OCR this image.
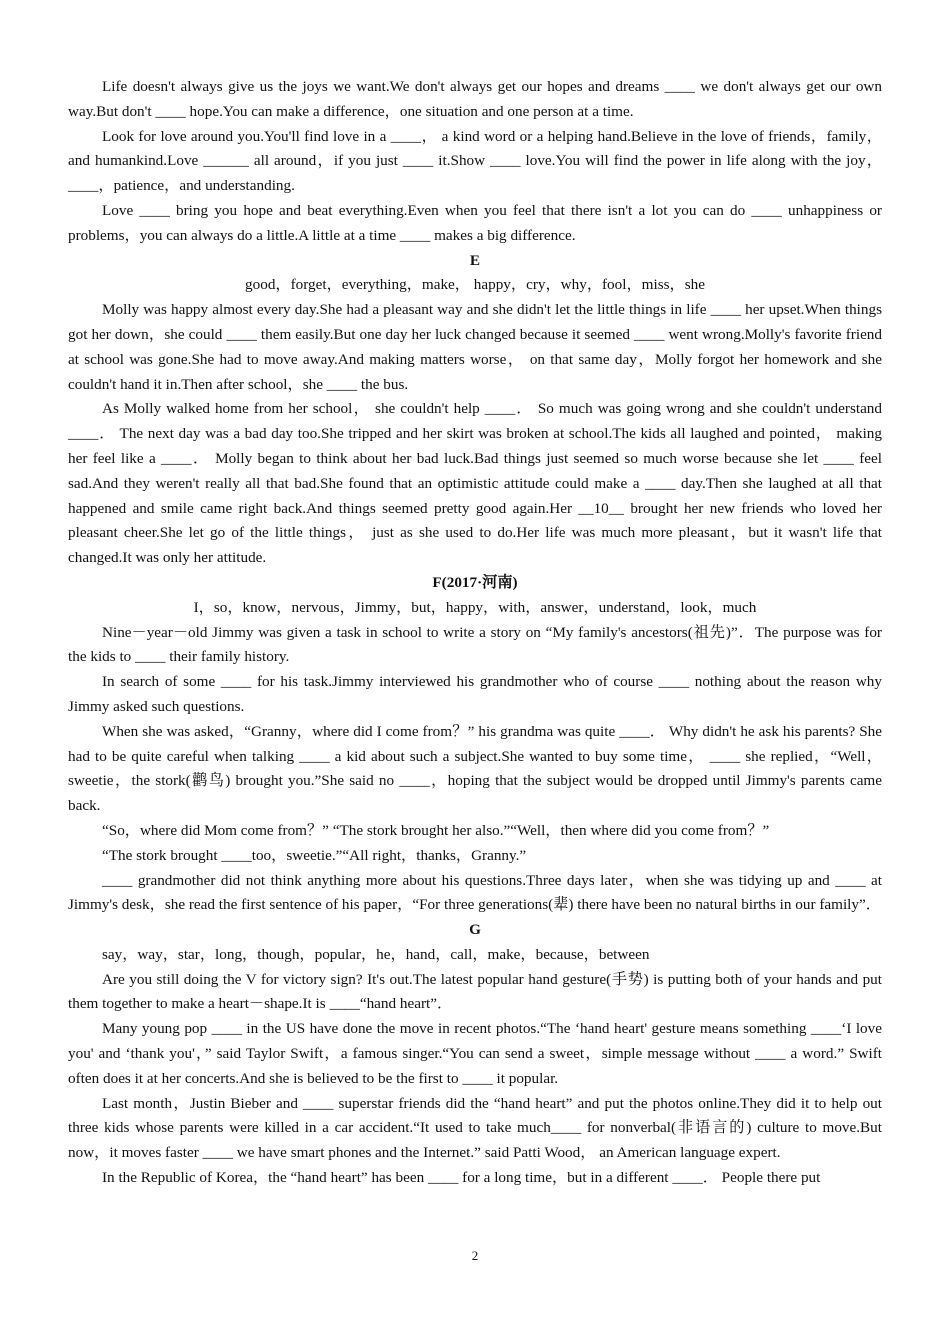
Life doesn't always give us the joys we want.We don't always get our hopes and dreams ____ we don't always get our own way.But don't ____ hope.You can make a difference，one situation and one person at a time.

Look for love around you.You'll find love in a ____， a kind word or a helping hand.Believe in the love of friends，family，and humankind.Love ______ all around，if you just ____ it.Show ____ love.You will find the power in life along with the joy，____，patience，and understanding.

Love ____ bring you hope and beat everything.Even when you feel that there isn't a lot you can do ____ unhappiness or problems，you can always do a little.A little at a time ____ makes a big difference.

E

good，forget，everything，make， happy，cry，why，fool，miss，she

Molly was happy almost every day.She had a pleasant way and she didn't let the little things in life ____ her upset.When things got her down，she could ____ them easily.But one day her luck changed because it seemed ____ went wrong.Molly's favorite friend at school was gone.She had to move away.And making matters worse， on that same day，Molly forgot her homework and she couldn't hand it in.Then after school，she ____ the bus.

As Molly walked home from her school， she couldn't help ____． So much was going wrong and she couldn't understand ____． The next day was a bad day too.She tripped and her skirt was broken at school.The kids all laughed and pointed， making her feel like a ____． Molly began to think about her bad luck.Bad things just seemed so much worse because she let ____ feel sad.And they weren't really all that bad.She found that an optimistic attitude could make a ____ day.Then she laughed at all that happened and smile came right back.And things seemed pretty good again.Her __10__ brought her new friends who loved her pleasant cheer.She let go of the little things， just as she used to do.Her life was much more pleasant，but it wasn't life that changed.It was only her attitude.

F(2017·河南)

I，so，know，nervous，Jimmy，but，happy，with，answer，understand，look，much

Nine－year－old Jimmy was given a task in school to write a story on “My family's ancestors(祖先)”．The purpose was for the kids to ____ their family history.

In search of some ____ for his task.Jimmy interviewed his grandmother who of course ____ nothing about the reason why Jimmy asked such questions.

When she was asked，“Granny，where did I come from？” his grandma was quite ____． Why didn't he ask his parents? She had to be quite careful when talking ____ a kid about such a subject.She wanted to buy some time， ____ she replied，“Well，sweetie，the stork(鹳鸟) brought you.”She said no ____，hoping that the subject would be dropped until Jimmy's parents came back.

“So，where did Mom come from？” “The stork brought her also.”“Well，then where did you come from？”

“The stork brought ____too，sweetie.”“All right，thanks，Granny.”

____ grandmother did not think anything more about his questions.Three days later，when she was tidying up and ____ at Jimmy's desk，she read the first sentence of his paper，“For three generations(辈) there have been no natural births in our family”．

G

say，way，star，long，though，popular，he，hand，call，make，because，between

Are you still doing the V for victory sign? It's out.The latest popular hand gesture(手势) is putting both of your hands and put them together to make a heart－shape.It is ____“hand heart”．

Many young pop ____ in the US have done the move in recent photos.“The ‘hand heart' gesture means something ____‘I love you' and ‘thank you'，” said Taylor Swift，a famous singer.“You can send a sweet，simple message without ____ a word.” Swift often does it at her concerts.And she is believed to be the first to ____ it popular.

Last month，Justin Bieber and ____ superstar friends did the “hand heart” and put the photos online.They did it to help out three kids whose parents were killed in a car accident.“It used to take much____ for nonverbal(非语言的) culture to move.But now，it moves faster ____ we have smart phones and the Internet.” said Patti Wood， an American language expert.

In the Republic of Korea，the “hand heart” has been ____ for a long time，but in a different ____． People there put

2
